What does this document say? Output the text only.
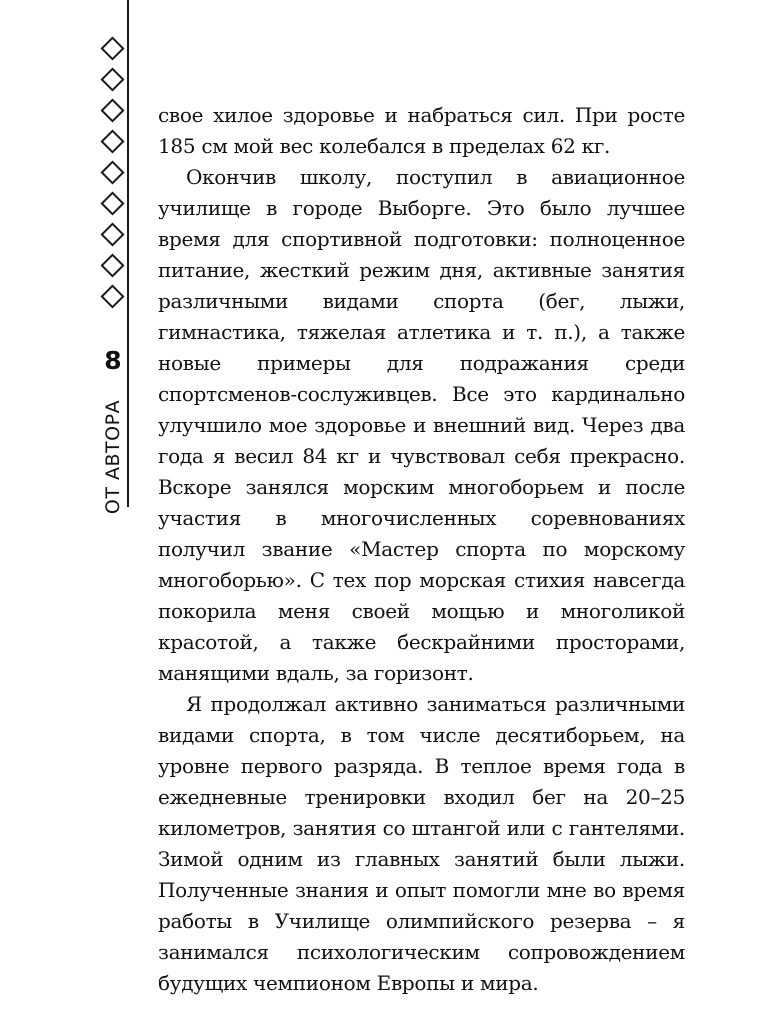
8
ОТ АВТОРА

свое хилое здоровье и набраться сил. При росте 185 см мой вес колебался в пределах 62 кг.

Окончив школу, поступил в авиационное училище в городе Выборге. Это было лучшее время для спортивной подготовки: полноценное питание, жесткий режим дня, активные занятия различными видами спорта (бег, лыжи, гимнастика, тяжелая атлетика и т. п.), а также новые примеры для подражания среди спортсменов-сослуживцев. Все это кардинально улучшило мое здоровье и внешний вид. Через два года я весил 84 кг и чувствовал себя прекрасно. Вскоре занялся морским многоборьем и после участия в многочисленных соревнованиях получил звание «Мастер спорта по морскому многоборью». С тех пор морская стихия навсегда покорила меня своей мощью и многоликой красотой, а также бескрайними просторами, манящими вдаль, за горизонт.

Я продолжал активно заниматься различными видами спорта, в том числе десятиборьем, на уровне первого разряда. В теплое время года в ежедневные тренировки входил бег на 20–25 километров, занятия со штангой или с гантелями. Зимой одним из главных занятий были лыжи. Полученные знания и опыт помогли мне во время работы в Училище олимпийского резерва – я занимался психологическим сопровождением будущих чемпионом Европы и мира.
